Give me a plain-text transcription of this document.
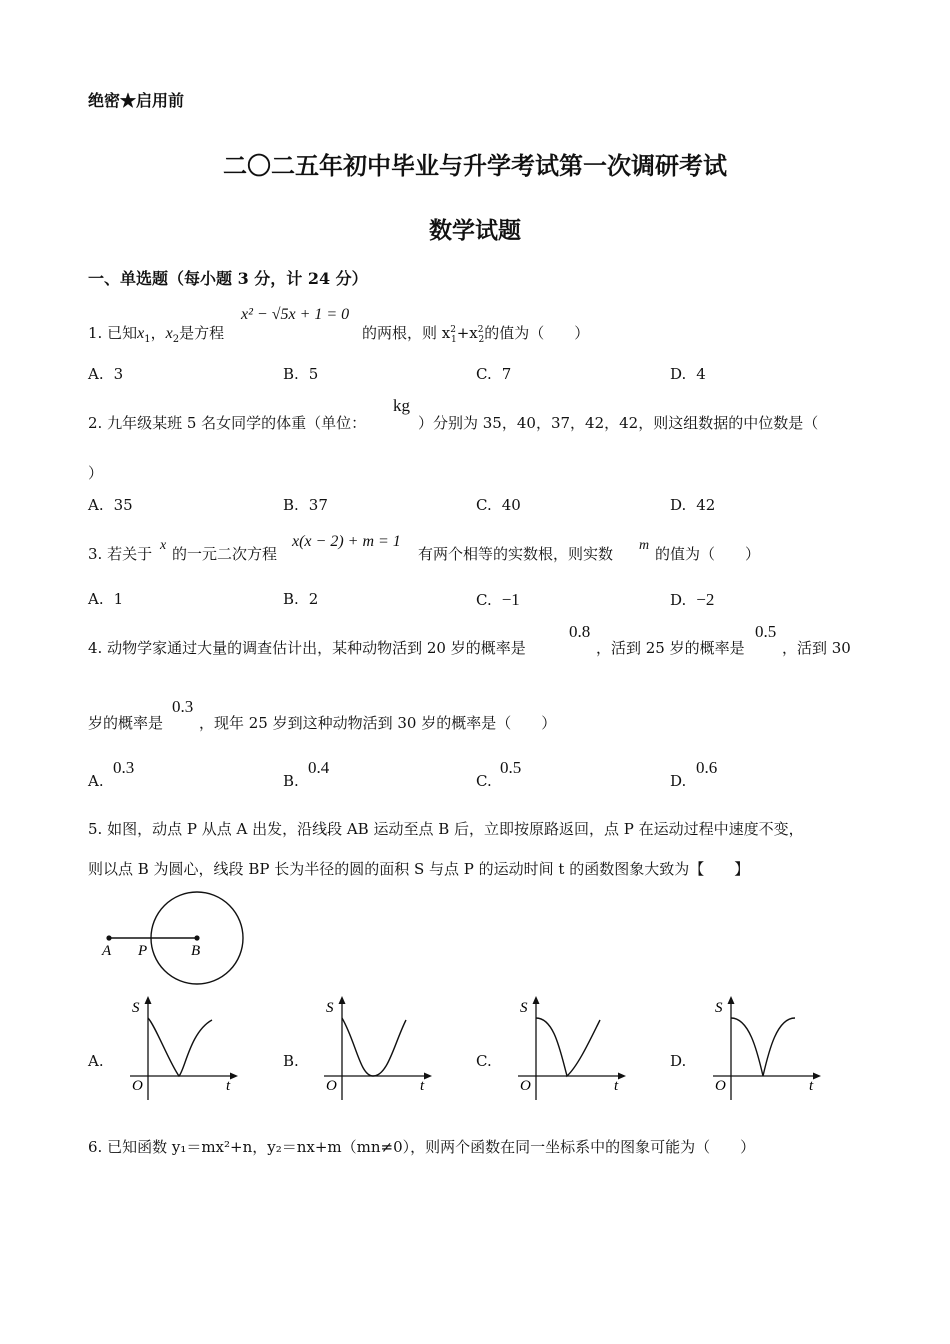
绝密★启用前
二〇二五年初中毕业与升学考试第一次调研考试
数学试题
一、单选题（每小题 3 分，计 24 分）
1. 已知$x_1$，$x_2$是方程
x² − √5x + 1 = 0
的两根，则 $x^2_1+x^2_2$的值为（　　）
A. 3	B. 5	C. 7	D. 4
2. 九年级某班 5 名女同学的体重（单位：
kg
）分别为 35，40，37，42，42，则这组数据的中位数是（
）
A. 35	B. 37	C. 40	D. 42
3. 若关于 x 的一元二次方程
x(x − 2) + m = 1
有两个相等的实数根，则实数 m 的值为（　　）
A. 1	B. 2	C. −1	D. −2
4. 动物学家通过大量的调查估计出，某种动物活到 20 岁的概率是
0.8
，活到 25 岁的概率是
0.5
，活到 30
岁的概率是
0.3
，现年 25 岁到这种动物活到 30 岁的概率是（　　）
A.
0.3
B.
0.4
C.
0.5
D.
0.6
5. 如图，动点 P 从点 A 出发，沿线段 AB 运动至点 B 后，立即按原路返回，点 P 在运动过程中速度不变，
则以点 B 为圆心，线段 BP 长为半径的圆的面积 S 与点 P 的运动时间 t 的函数图象大致为【　　】
A P	B
A.	B.	C.	D.
S
O	t
S
O	t
S
O	t
S
O	t
6. 已知函数 y₁＝mx²+n，y₂＝nx+m（mn≠0），则两个函数在同一坐标系中的图象可能为（　　）
